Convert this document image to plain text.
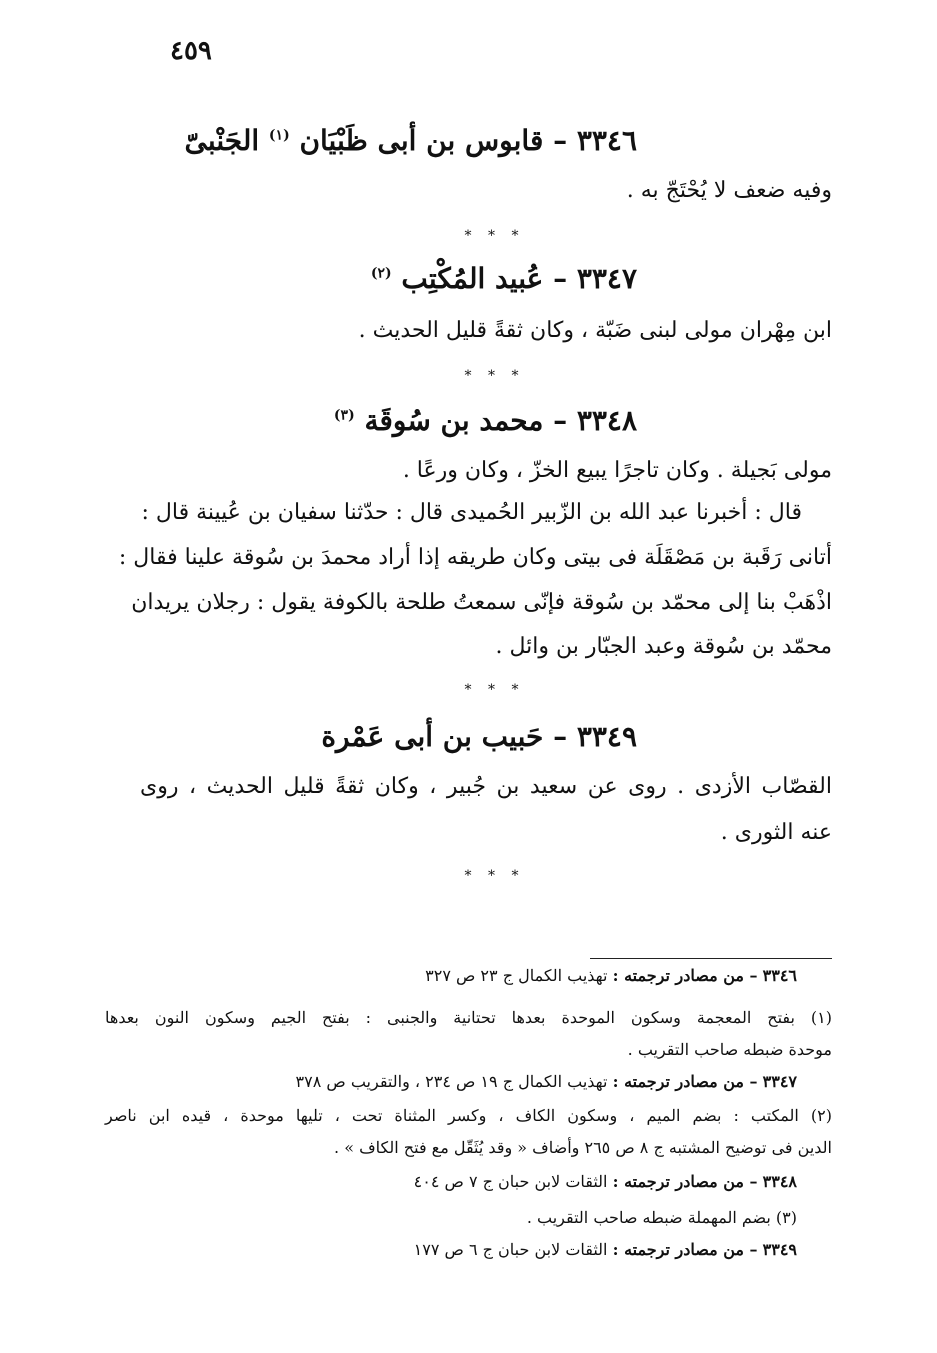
٤٥٩
٣٣٤٦ – قابوس بن أبى ظَبْيَان $^{(١)}$ الجَنْبىّ
وفيه ضعف لا يُحْتَجّ به .
* * *
٣٣٤٧ – عُبيد المُكْتِب $^{(٢)}$
ابن مِهْران مولى لبنى ضَبّة ، وكان ثقةً قليل الحديث .
* * *
٣٣٤٨ – محمد بن سُوقَة $^{(٣)}$
مولى بَجيلة . وكان تاجرًا يبيع الخزّ ، وكان ورعًا .
قال : أخبرنا عبد الله بن الزّبير الحُميدى قال : حدّثنا سفيان بن عُيينة قال :
أتانى رَقَبة بن مَصْقَلَة فى بيتى وكان طريقه إذا أراد محمدَ بن سُوقة علينا فقال :
اذْهَبْ بنا إلى محمّد بن سُوقة فإنّى سمعتُ طلحة بالكوفة يقول : رجلان يريدان
محمّد بن سُوقة وعبد الجبّار بن وائل .
* * *
٣٣٤٩ – حَبيب بن أبى عَمْرة
القصّاب الأزدى . روى عن سعيد بن جُبير ، وكان ثقةً قليل الحديث ، روى
عنه الثورى .
* * *
٣٣٤٦ – من مصادر ترجمته : تهذيب الكمال ج ٢٣ ص ٣٢٧
(١) بفتح المعجمة وسكون الموحدة بعدها تحتانية والجنبى : بفتح الجيم وسكون النون بعدها
موحدة ضبطه صاحب التقريب .
٣٣٤٧ – من مصادر ترجمته : تهذيب الكمال ج ١٩ ص ٢٣٤ ، والتقريب ص ٣٧٨
(٢) المكتب : بضم الميم ، وسكون الكاف ، وكسر المثناة تحت ، تليها موحدة ، قيده ابن ناصر
الدين فى توضيح المشتبه ج ٨ ص ٢٦٥ وأضاف « وقد يُثَقّل مع فتح الكاف » .
٣٣٤٨ – من مصادر ترجمته : الثقات لابن حبان ج ٧ ص ٤٠٤
(٣) بضم المهملة ضبطه صاحب التقريب .
٣٣٤٩ – من مصادر ترجمته : الثقات لابن حبان ج ٦ ص ١٧٧
